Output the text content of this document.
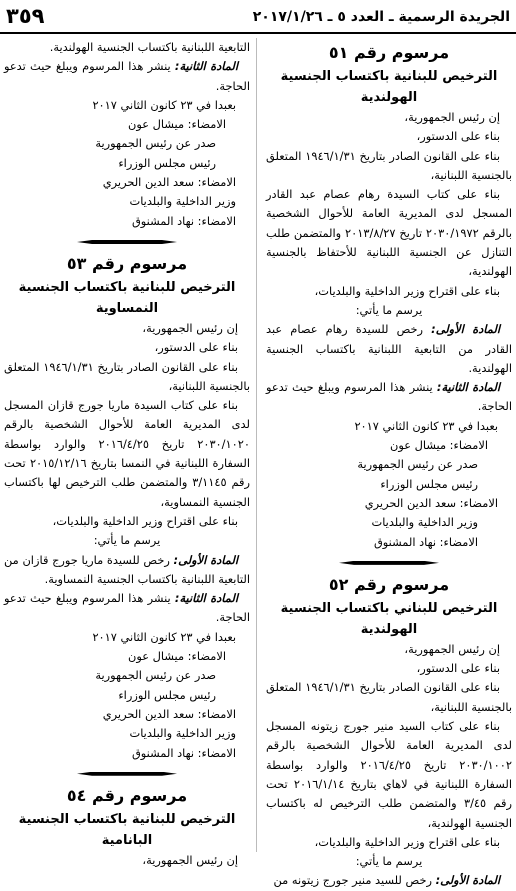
الجريدة الرسمية ـ العدد ٥ ـ ٢٠١٧/١/٢٦
٣٥٩
مرسوم رقم ٥١

الترخيص للبنانية باكتساب الجنسية الهولندية

إن رئيس الجمهورية،

بناء على الدستور،

بناء على القانون الصادر بتاريخ ١٩٤٦/١/٣١ المتعلق بالجنسية اللبنانية،

بناء على كتاب السيدة رهام عصام عبد القادر المسجل لدى المديرية العامة للأحوال الشخصية بالرقم ٢٠٣٠/١٩٧٢ تاريخ ٢٠١٣/٨/٢٧ والمتضمن طلب التنازل عن الجنسية اللبنانية للأحتفاظ بالجنسية الهولندية،

بناء على اقتراح وزير الداخلية والبلديات،

يرسم ما يأتي:

المادة الأولى: رخص للسيدة رهام عصام عبد القادر من التابعية اللبنانية باكتساب الجنسية الهولندية.

المادة الثانية: ينشر هذا المرسوم ويبلغ حيث تدعو الحاجة.

بعبدا في ٢٣ كانون الثاني ٢٠١٧

الامضاء: ميشال عون

صدر عن رئيس الجمهورية

رئيس مجلس الوزراء

الامضاء: سعد الدين الحريري

وزير الداخلية والبلديات

الامضاء: نهاد المشنوق

مرسوم رقم ٥٢

الترخيص للبناني باكتساب الجنسية الهولندية

إن رئيس الجمهورية،

بناء على الدستور،

بناء على القانون الصادر بتاريخ ١٩٤٦/١/٣١ المتعلق بالجنسية اللبنانية،

بناء على كتاب السيد منير جورج زيتونه المسجل لدى المديرية العامة للأحوال الشخصية بالرقم ٢٠٣٠/١٠٠٢ تاريخ ٢٠١٦/٤/٢٥ والوارد بواسطة السفارة اللبنانية في لاهاي بتاريخ ٢٠١٦/١/١٤ تحت رقم ٣/٤٥ والمتضمن طلب الترخيص له باكتساب الجنسية الهولندية،

بناء على اقتراح وزير الداخلية والبلديات،

يرسم ما يأتي:

المادة الأولى: رخص للسيد منير جورج زيتونه من

التابعية اللبنانية باكتساب الجنسية الهولندية.

المادة الثانية: ينشر هذا المرسوم ويبلغ حيث تدعو الحاجة.

بعبدا في ٢٣ كانون الثاني ٢٠١٧

الامضاء: ميشال عون

صدر عن رئيس الجمهورية

رئيس مجلس الوزراء

الامضاء: سعد الدين الحريري

وزير الداخلية والبلديات

الامضاء: نهاد المشنوق

مرسوم رقم ٥٣

الترخيص للبنانية باكتساب الجنسية النمساوية

إن رئيس الجمهورية،

بناء على الدستور،

بناء على القانون الصادر بتاريخ ١٩٤٦/١/٣١ المتعلق بالجنسية اللبنانية،

بناء على كتاب السيدة ماريا جورج قازان المسجل لدى المديرية العامة للأحوال الشخصية بالرقم ٢٠٣٠/١٠٢٠ تاريخ ٢٠١٦/٤/٢٥ والوارد بواسطة السفارة اللبنانية في النمسا بتاريخ ٢٠١٥/١٢/١٦ تحت رقم ٣/١١٤٥ والمتضمن طلب الترخيص لها باكتساب الجنسية النمساوية،

بناء على اقتراح وزير الداخلية والبلديات،

يرسم ما يأتي:

المادة الأولى: رخص للسيدة ماريا جورج قازان من التابعية اللبنانية باكتساب الجنسية النمساوية.

المادة الثانية: ينشر هذا المرسوم ويبلغ حيث تدعو الحاجة.

بعبدا في ٢٣ كانون الثاني ٢٠١٧

الامضاء: ميشال عون

صدر عن رئيس الجمهورية

رئيس مجلس الوزراء

الامضاء: سعد الدين الحريري

وزير الداخلية والبلديات

الامضاء: نهاد المشنوق

مرسوم رقم ٥٤

الترخيص للبنانية باكتساب الجنسية البانامية

إن رئيس الجمهورية،
